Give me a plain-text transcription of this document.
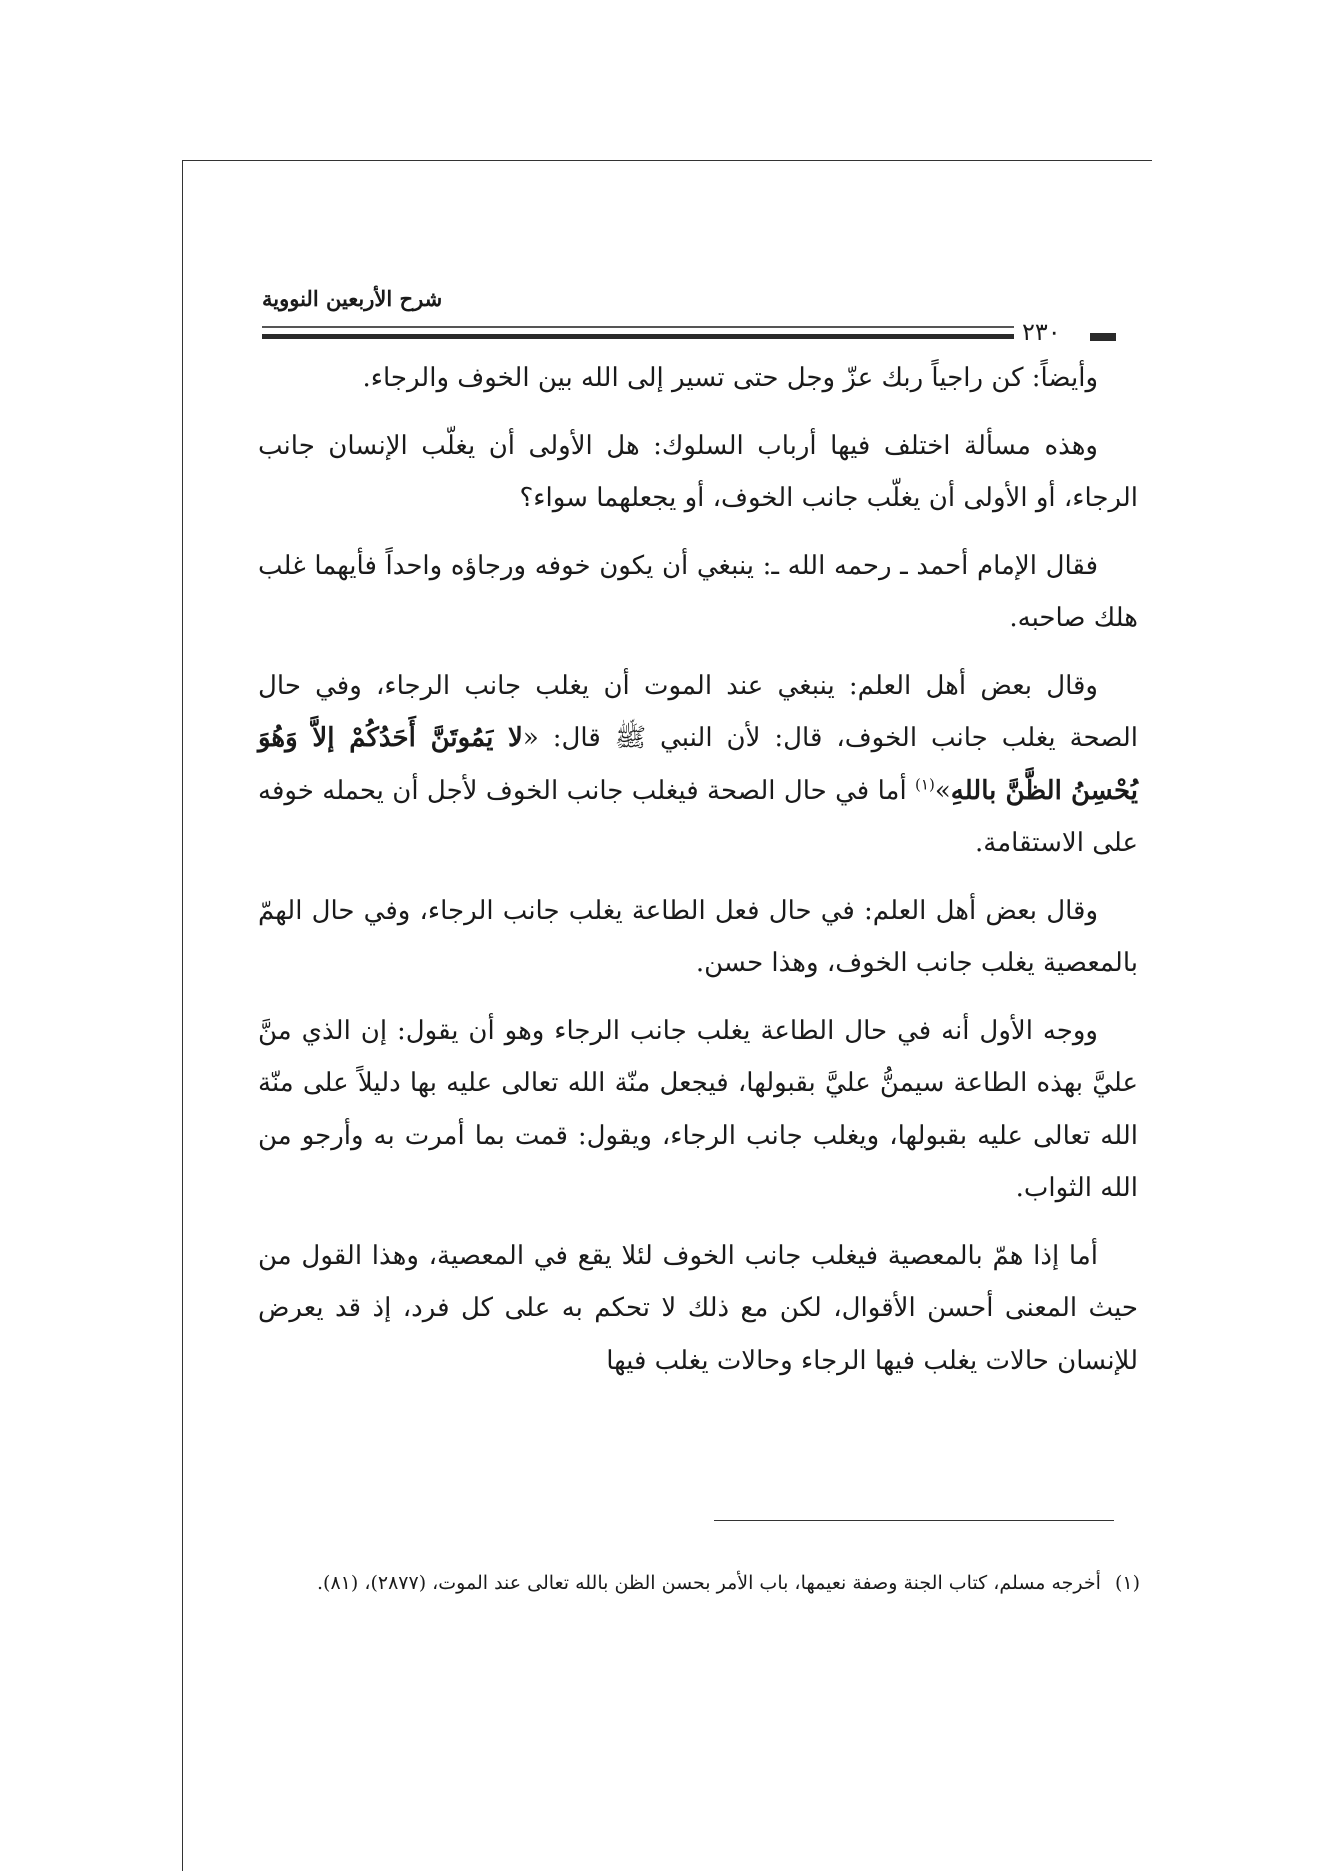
شرح الأربعين النووية
٢٣٠

وأيضاً: كن راجياً ربك عزّ وجل حتى تسير إلى الله بين الخوف والرجاء.

وهذه مسألة اختلف فيها أرباب السلوك: هل الأولى أن يغلّب الإنسان جانب الرجاء، أو الأولى أن يغلّب جانب الخوف، أو يجعلهما سواء؟

فقال الإمام أحمد ـ رحمه الله ـ: ينبغي أن يكون خوفه ورجاؤه واحداً فأيهما غلب هلك صاحبه.

وقال بعض أهل العلم: ينبغي عند الموت أن يغلب جانب الرجاء، وفي حال الصحة يغلب جانب الخوف، قال: لأن النبي ﷺ قال: «لا يَمُوتَنَّ أَحَدُكُمْ إلاَّ وَهُوَ يُحْسِنُ الظَّنَّ باللهِ»$^{(١)}$ أما في حال الصحة فيغلب جانب الخوف لأجل أن يحمله خوفه على الاستقامة.

وقال بعض أهل العلم: في حال فعل الطاعة يغلب جانب الرجاء، وفي حال الهمّ بالمعصية يغلب جانب الخوف، وهذا حسن.

ووجه الأول أنه في حال الطاعة يغلب جانب الرجاء وهو أن يقول: إن الذي منَّ عليَّ بهذه الطاعة سيمنُّ عليَّ بقبولها، فيجعل منّة الله تعالى عليه بها دليلاً على منّة الله تعالى عليه بقبولها، ويغلب جانب الرجاء، ويقول: قمت بما أمرت به وأرجو من الله الثواب.

أما إذا همّ بالمعصية فيغلب جانب الخوف لئلا يقع في المعصية، وهذا القول من حيث المعنى أحسن الأقوال، لكن مع ذلك لا تحكم به على كل فرد، إذ قد يعرض للإنسان حالات يغلب فيها الرجاء وحالات يغلب فيها

(١)أخرجه مسلم، كتاب الجنة وصفة نعيمها، باب الأمر بحسن الظن بالله تعالى عند الموت، (٢٨٧٧)، (٨١).
